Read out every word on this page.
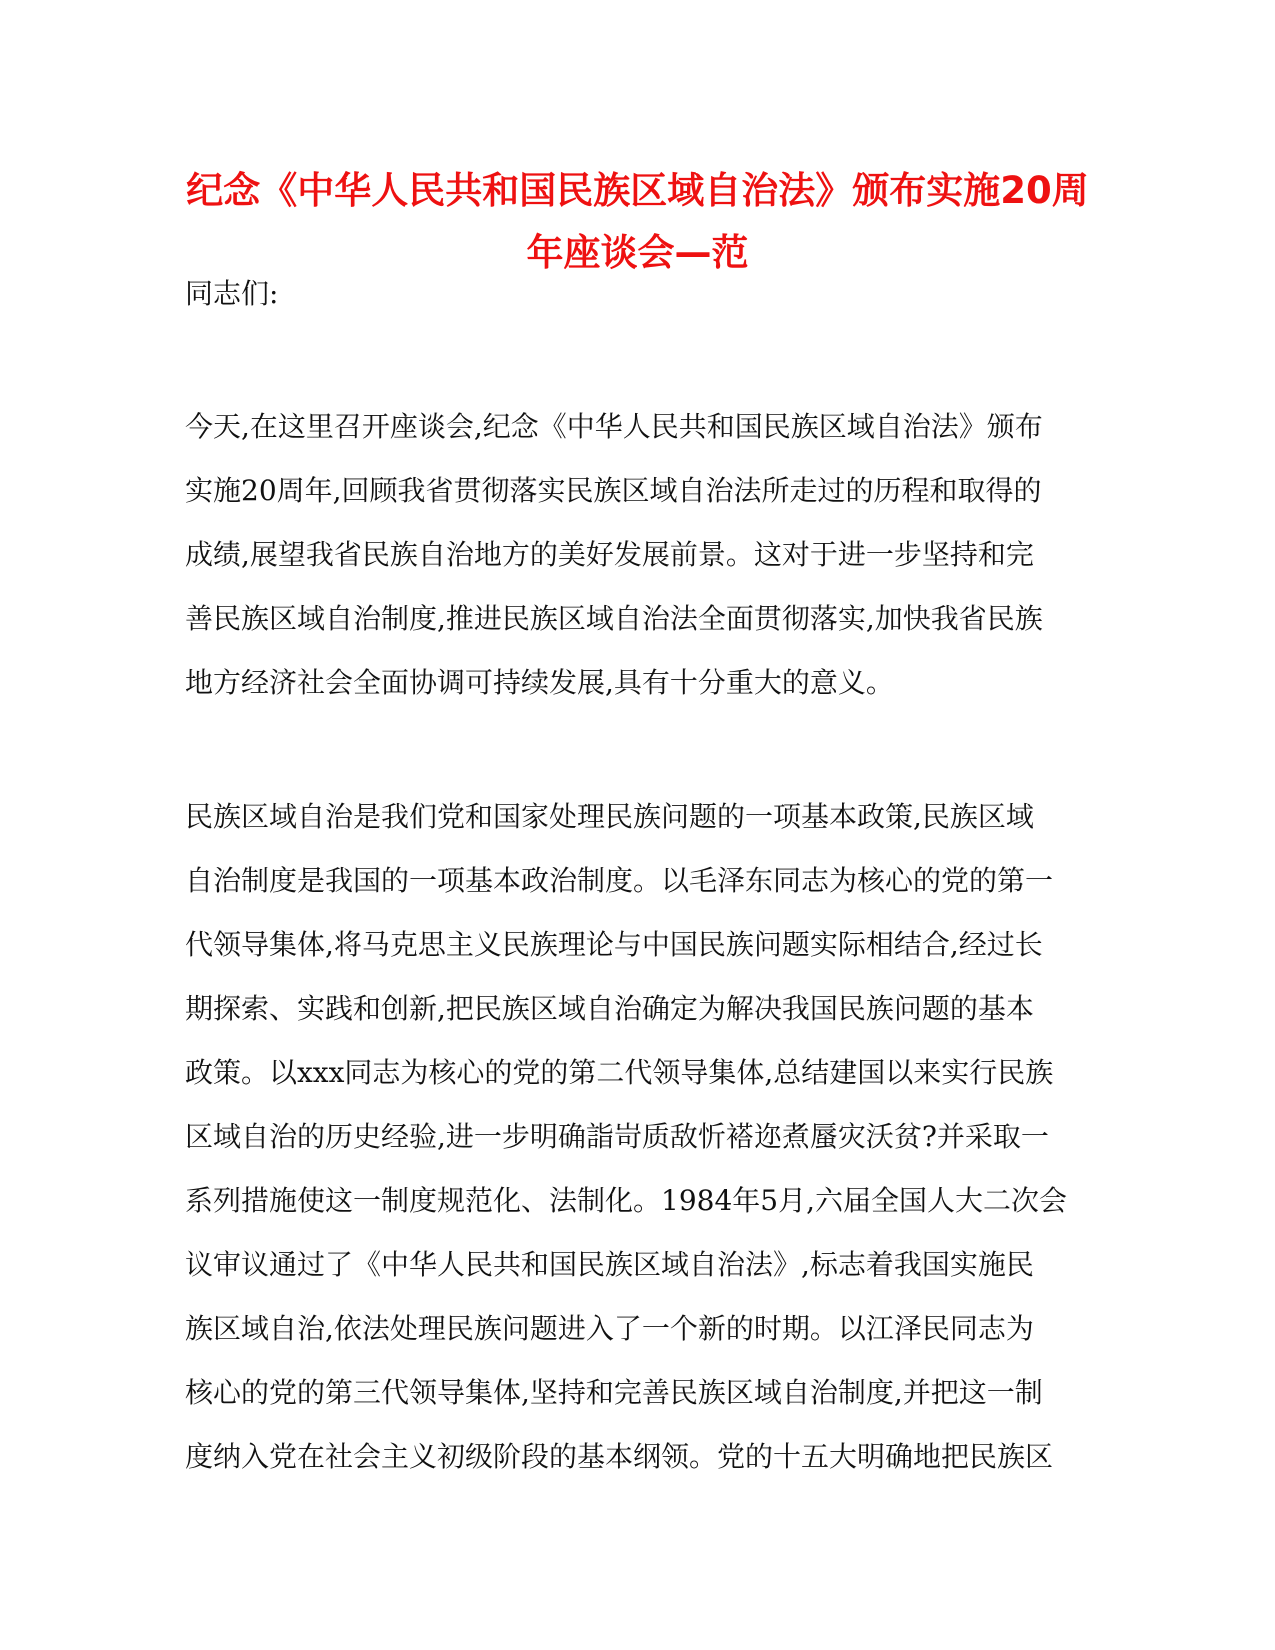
纪念《中华人民共和国民族区域自治法》颁布实施20周
年座谈会—范
同志们:
今天,在这里召开座谈会,纪念《中华人民共和国民族区域自治法》颁布
实施20周年,回顾我省贯彻落实民族区域自治法所走过的历程和取得的
成绩,展望我省民族自治地方的美好发展前景。这对于进一步坚持和完
善民族区域自治制度,推进民族区域自治法全面贯彻落实,加快我省民族
地方经济社会全面协调可持续发展,具有十分重大的意义。
民族区域自治是我们党和国家处理民族问题的一项基本政策,民族区域
自治制度是我国的一项基本政治制度。以毛泽东同志为核心的党的第一
代领导集体,将马克思主义民族理论与中国民族问题实际相结合,经过长
期探索、实践和创新,把民族区域自治确定为解决我国民族问题的基本
政策。以xxx同志为核心的党的第二代领导集体,总结建国以来实行民族
区域自治的历史经验,进一步明确詣岢质敌忻褡迩煮蜃灾沃贫?并采取一
系列措施使这一制度规范化、法制化。1984年5月,六届全国人大二次会
议审议通过了《中华人民共和国民族区域自治法》,标志着我国实施民
族区域自治,依法处理民族问题进入了一个新的时期。以江泽民同志为
核心的党的第三代领导集体,坚持和完善民族区域自治制度,并把这一制
度纳入党在社会主义初级阶段的基本纲领。党的十五大明确地把民族区
